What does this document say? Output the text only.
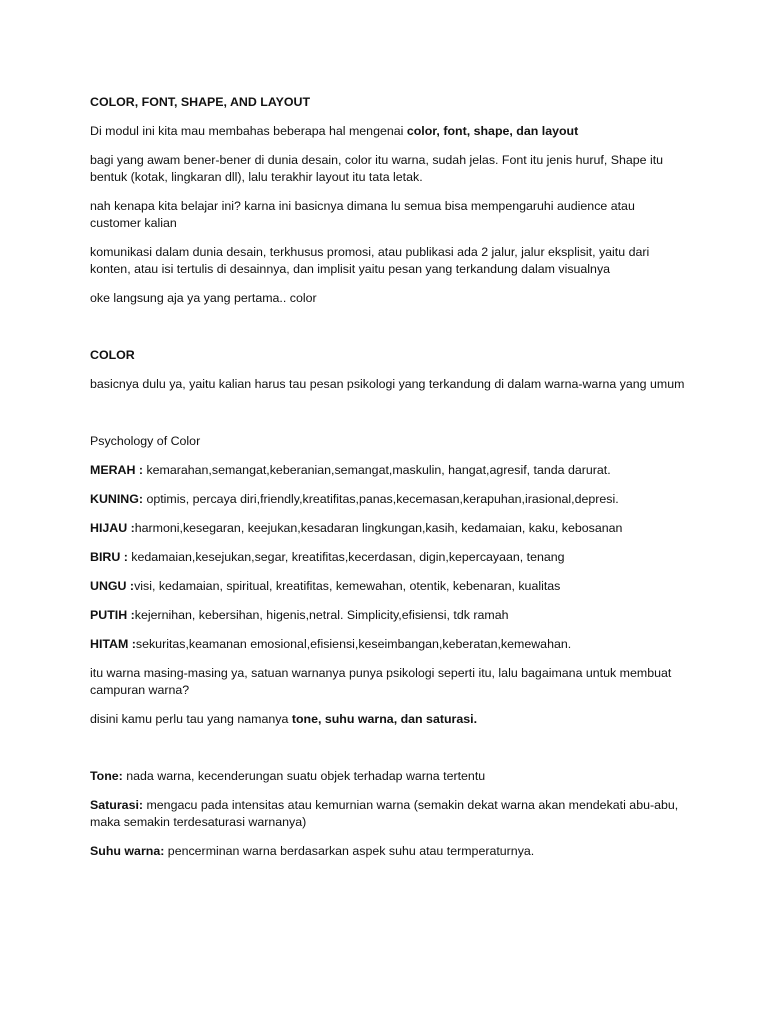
COLOR, FONT, SHAPE, AND LAYOUT

Di modul ini kita mau membahas beberapa hal mengenai color, font, shape, dan layout

bagi yang awam bener-bener di dunia desain, color itu warna, sudah jelas. Font itu jenis huruf, Shape itu bentuk (kotak, lingkaran dll), lalu terakhir layout itu tata letak.

nah kenapa kita belajar ini? karna ini basicnya dimana lu semua bisa mempengaruhi audience atau customer kalian

komunikasi dalam dunia desain, terkhusus promosi, atau publikasi ada 2 jalur, jalur eksplisit, yaitu dari konten, atau isi tertulis di desainnya, dan implisit yaitu pesan yang terkandung dalam visualnya

oke langsung aja ya yang pertama.. color

COLOR

basicnya dulu ya, yaitu kalian harus tau pesan psikologi yang terkandung di dalam warna-warna yang umum

Psychology of Color

MERAH : kemarahan,semangat,keberanian,semangat,maskulin, hangat,agresif, tanda darurat.

KUNING: optimis, percaya diri,friendly,kreatifitas,panas,kecemasan,kerapuhan,irasional,depresi.

HIJAU :harmoni,kesegaran, keejukan,kesadaran lingkungan,kasih, kedamaian, kaku, kebosanan

BIRU : kedamaian,kesejukan,segar, kreatifitas,kecerdasan, digin,kepercayaan, tenang

UNGU :visi, kedamaian, spiritual, kreatifitas, kemewahan, otentik, kebenaran, kualitas

PUTIH :kejernihan, kebersihan, higenis,netral. Simplicity,efisiensi, tdk ramah

HITAM :sekuritas,keamanan emosional,efisiensi,keseimbangan,keberatan,kemewahan.

itu warna masing-masing ya, satuan warnanya punya psikologi seperti itu, lalu bagaimana untuk membuat campuran warna?

disini kamu perlu tau yang namanya tone, suhu warna, dan saturasi.

Tone: nada warna, kecenderungan suatu objek terhadap warna tertentu

Saturasi: mengacu pada intensitas atau kemurnian warna (semakin dekat warna akan mendekati abu-abu, maka semakin terdesaturasi warnanya)

Suhu warna: pencerminan warna berdasarkan aspek suhu atau termperaturnya.
